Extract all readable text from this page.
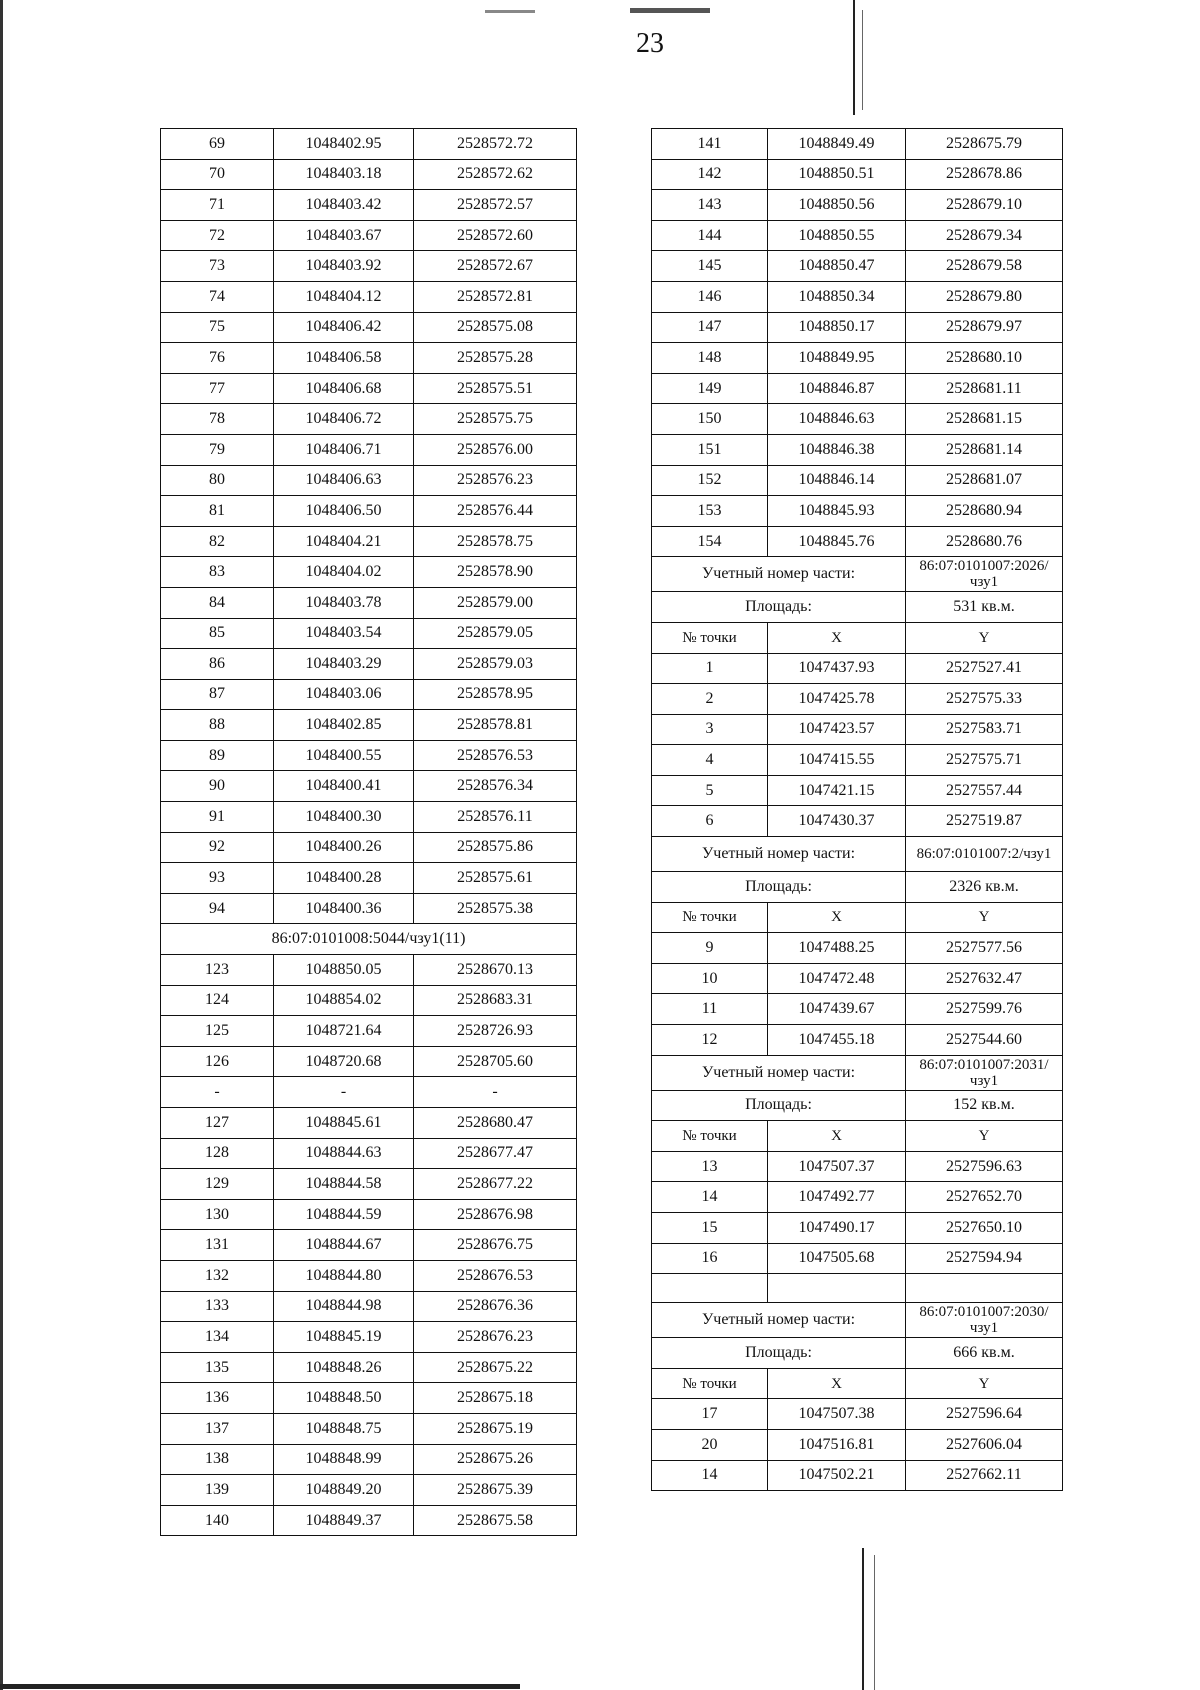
23
69	1048402.95	2528572.72
70	1048403.18	2528572.62
71	1048403.42	2528572.57
72	1048403.67	2528572.60
73	1048403.92	2528572.67
74	1048404.12	2528572.81
75	1048406.42	2528575.08
76	1048406.58	2528575.28
77	1048406.68	2528575.51
78	1048406.72	2528575.75
79	1048406.71	2528576.00
80	1048406.63	2528576.23
81	1048406.50	2528576.44
82	1048404.21	2528578.75
83	1048404.02	2528578.90
84	1048403.78	2528579.00
85	1048403.54	2528579.05
86	1048403.29	2528579.03
87	1048403.06	2528578.95
88	1048402.85	2528578.81
89	1048400.55	2528576.53
90	1048400.41	2528576.34
91	1048400.30	2528576.11
92	1048400.26	2528575.86
93	1048400.28	2528575.61
94	1048400.36	2528575.38
86:07:0101008:5044/чзу1(11)		
123	1048850.05	2528670.13
124	1048854.02	2528683.31
125	1048721.64	2528726.93
126	1048720.68	2528705.60
-	-	-
127	1048845.61	2528680.47
128	1048844.63	2528677.47
129	1048844.58	2528677.22
130	1048844.59	2528676.98
131	1048844.67	2528676.75
132	1048844.80	2528676.53
133	1048844.98	2528676.36
134	1048845.19	2528676.23
135	1048848.26	2528675.22
136	1048848.50	2528675.18
137	1048848.75	2528675.19
138	1048848.99	2528675.26
139	1048849.20	2528675.39
140	1048849.37	2528675.58
141	1048849.49	2528675.79
142	1048850.51	2528678.86
143	1048850.56	2528679.10
144	1048850.55	2528679.34
145	1048850.47	2528679.58
146	1048850.34	2528679.80
147	1048850.17	2528679.97
148	1048849.95	2528680.10
149	1048846.87	2528681.11
150	1048846.63	2528681.15
151	1048846.38	2528681.14
152	1048846.14	2528681.07
153	1048845.93	2528680.94
154	1048845.76	2528680.76
Учетный номер части:		86:07:0101007:2026/чзу1
Площадь:		531 кв.м.
№ точки	X	Y
1	1047437.93	2527527.41
2	1047425.78	2527575.33
3	1047423.57	2527583.71
4	1047415.55	2527575.71
5	1047421.15	2527557.44
6	1047430.37	2527519.87
Учетный номер части:		86:07:0101007:2/чзу1
Площадь:		2326 кв.м.
№ точки	X	Y
9	1047488.25	2527577.56
10	1047472.48	2527632.47
11	1047439.67	2527599.76
12	1047455.18	2527544.60
Учетный номер части:		86:07:0101007:2031/чзу1
Площадь:		152 кв.м.
№ точки	X	Y
13	1047507.37	2527596.63
14	1047492.77	2527652.70
15	1047490.17	2527650.10
16	1047505.68	2527594.94

Учетный номер части:		86:07:0101007:2030/чзу1
Площадь:		666 кв.м.
№ точки	X	Y
17	1047507.38	2527596.64
20	1047516.81	2527606.04
14	1047502.21	2527662.11
